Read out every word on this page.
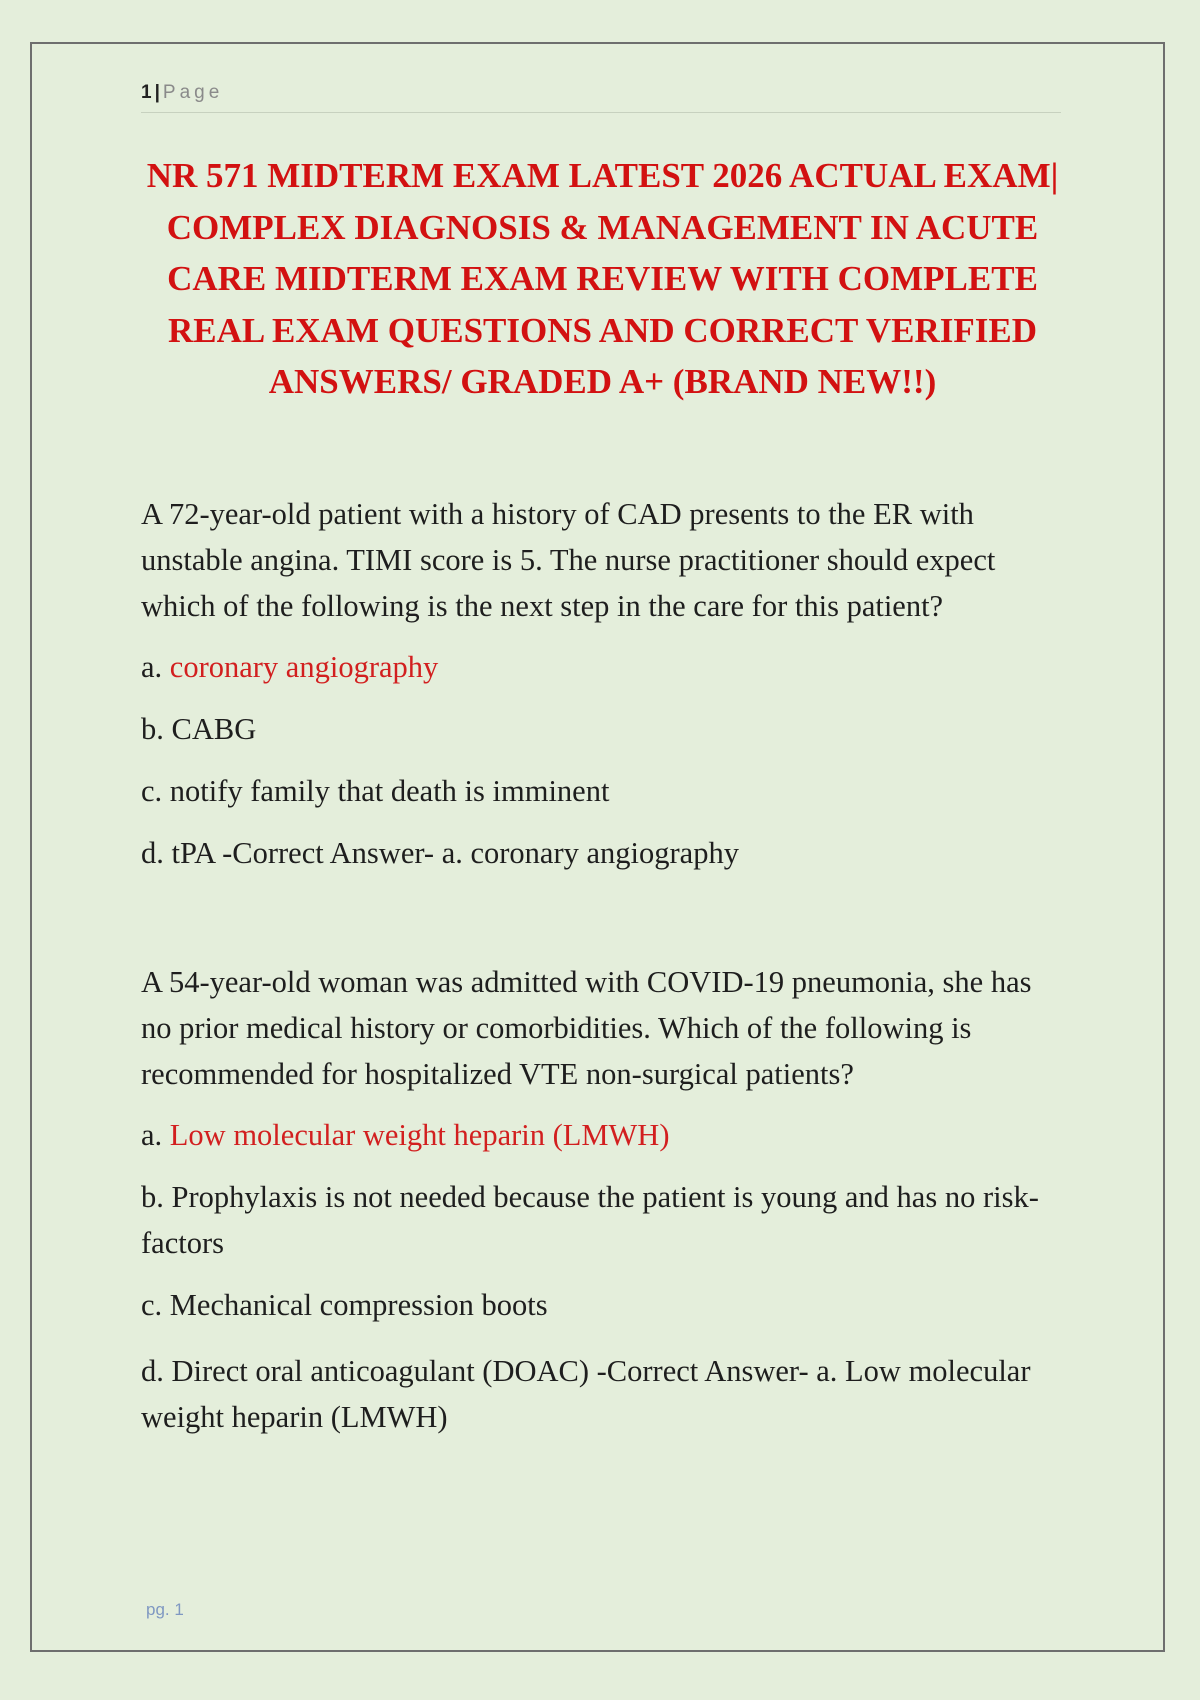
1 | Page
NR 571 MIDTERM EXAM LATEST 2026 ACTUAL EXAM| COMPLEX DIAGNOSIS & MANAGEMENT IN ACUTE CARE MIDTERM EXAM REVIEW WITH COMPLETE REAL EXAM QUESTIONS AND CORRECT VERIFIED ANSWERS/ GRADED A+ (BRAND NEW!!)

A 72-year-old patient with a history of CAD presents to the ER with unstable angina. TIMI score is 5. The nurse practitioner should expect which of the following is the next step in the care for this patient?

a. coronary angiography

b. CABG

c. notify family that death is imminent

d. tPA -Correct Answer- a. coronary angiography

A 54-year-old woman was admitted with COVID-19 pneumonia, she has no prior medical history or comorbidities. Which of the following is recommended for hospitalized VTE non-surgical patients?

a. Low molecular weight heparin (LMWH)

b. Prophylaxis is not needed because the patient is young and has no risk-factors

c. Mechanical compression boots

d. Direct oral anticoagulant (DOAC) -Correct Answer- a. Low molecular weight heparin (LMWH)

pg. 1
